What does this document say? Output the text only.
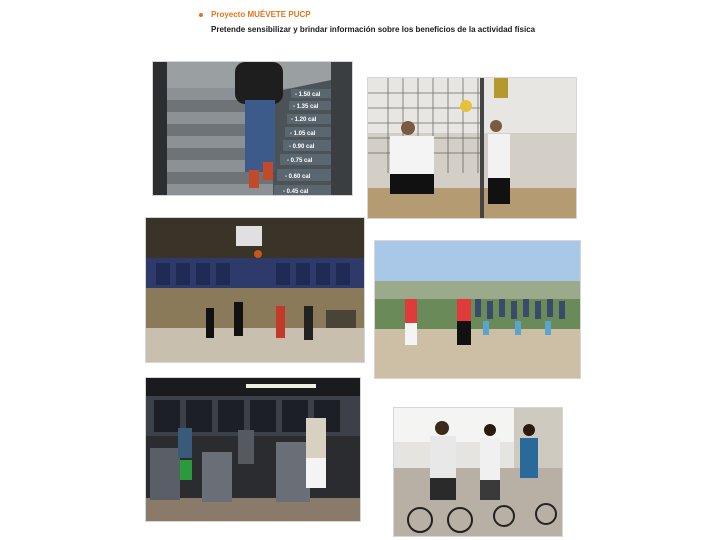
Proyecto MUÉVETE PUCP
Pretende sensibilizar y brindar información sobre los beneficios de la actividad física
- 1.50 cal
- 1.35 cal
- 1.20 cal
- 1.05 cal
- 0.90 cal
- 0.75 cal
- 0.60 cal
- 0.45 cal
